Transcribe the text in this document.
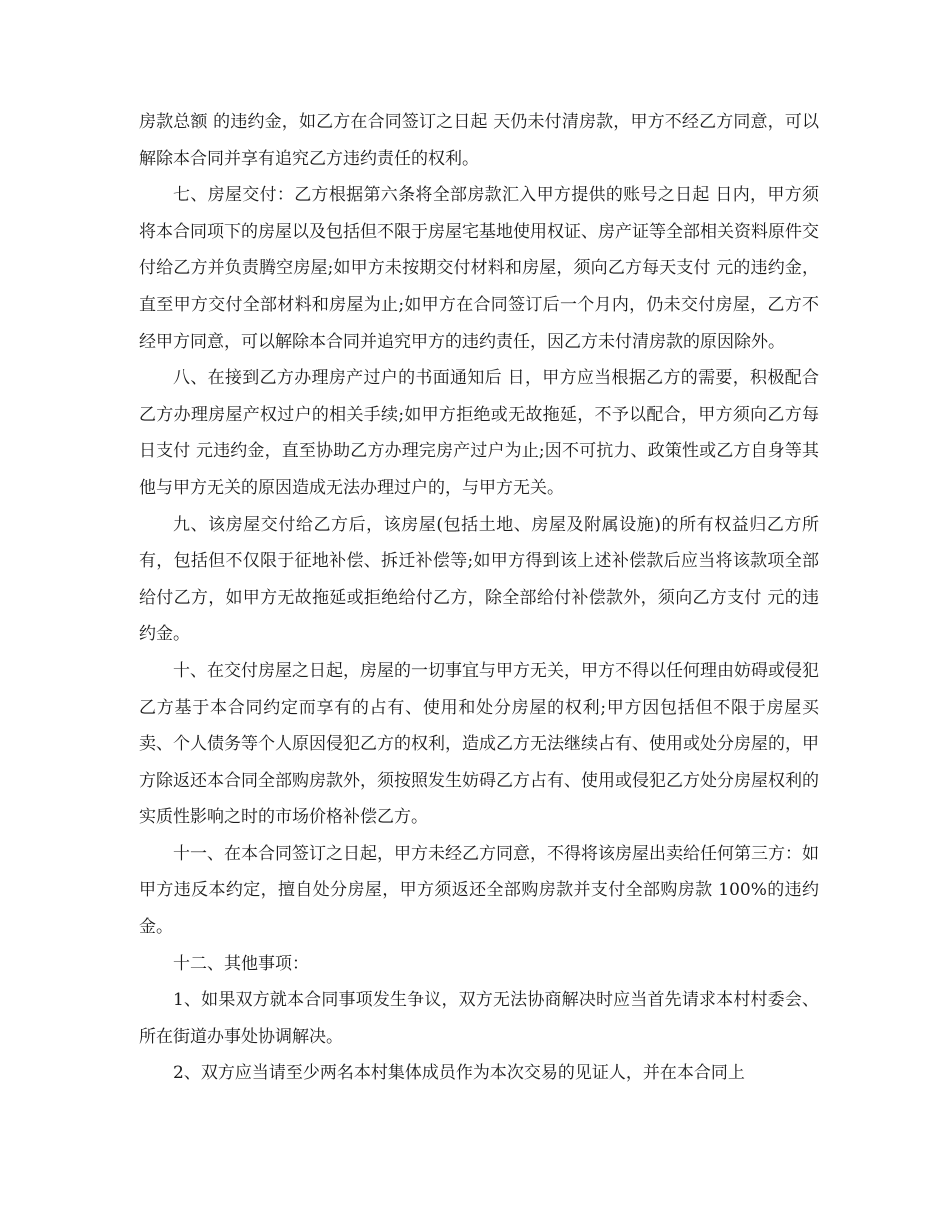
房款总额 的违约金，如乙方在合同签订之日起 天仍未付清房款，甲方不经乙方同意，可以解除本合同并享有追究乙方违约责任的权利。

七、房屋交付：乙方根据第六条将全部房款汇入甲方提供的账号之日起 日内，甲方须将本合同项下的房屋以及包括但不限于房屋宅基地使用权证、房产证等全部相关资料原件交付给乙方并负责腾空房屋;如甲方未按期交付材料和房屋，须向乙方每天支付 元的违约金，直至甲方交付全部材料和房屋为止;如甲方在合同签订后一个月内，仍未交付房屋，乙方不经甲方同意，可以解除本合同并追究甲方的违约责任，因乙方未付清房款的原因除外。

八、在接到乙方办理房产过户的书面通知后 日，甲方应当根据乙方的需要，积极配合乙方办理房屋产权过户的相关手续;如甲方拒绝或无故拖延，不予以配合，甲方须向乙方每日支付 元违约金，直至协助乙方办理完房产过户为止;因不可抗力、政策性或乙方自身等其他与甲方无关的原因造成无法办理过户的，与甲方无关。

九、该房屋交付给乙方后，该房屋(包括土地、房屋及附属设施)的所有权益归乙方所有，包括但不仅限于征地补偿、拆迁补偿等;如甲方得到该上述补偿款后应当将该款项全部给付乙方，如甲方无故拖延或拒绝给付乙方，除全部给付补偿款外，须向乙方支付 元的违约金。

十、在交付房屋之日起，房屋的一切事宜与甲方无关，甲方不得以任何理由妨碍或侵犯乙方基于本合同约定而享有的占有、使用和处分房屋的权利;甲方因包括但不限于房屋买卖、个人债务等个人原因侵犯乙方的权利，造成乙方无法继续占有、使用或处分房屋的，甲方除返还本合同全部购房款外，须按照发生妨碍乙方占有、使用或侵犯乙方处分房屋权利的实质性影响之时的市场价格补偿乙方。

十一、在本合同签订之日起，甲方未经乙方同意，不得将该房屋出卖给任何第三方：如甲方违反本约定，擅自处分房屋，甲方须返还全部购房款并支付全部购房款 100%的违约金。

十二、其他事项：

1、如果双方就本合同事项发生争议，双方无法协商解决时应当首先请求本村村委会、所在街道办事处协调解决。

2、双方应当请至少两名本村集体成员作为本次交易的见证人，并在本合同上
